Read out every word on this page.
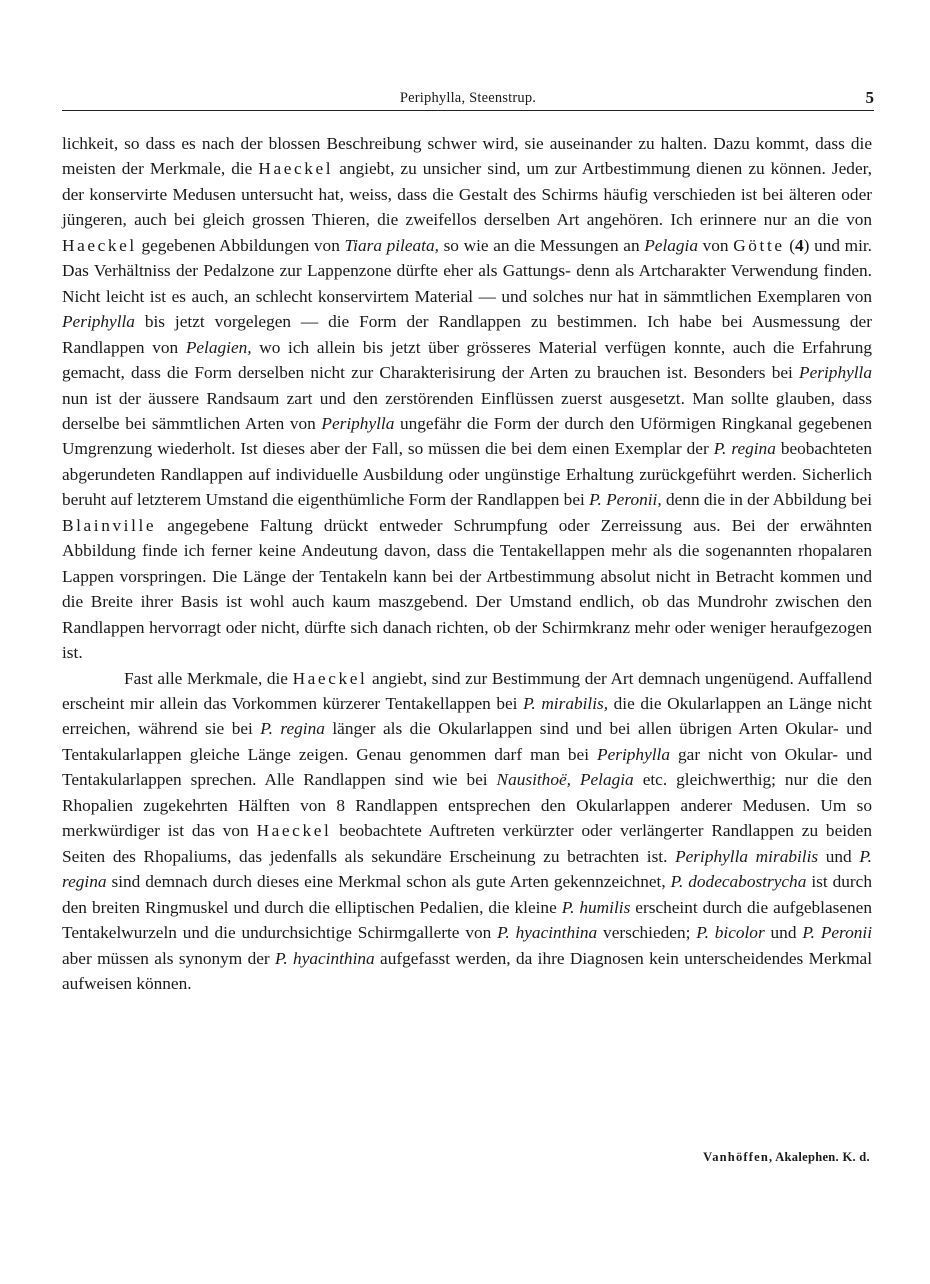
Periphylla, Steenstrup.	5

lichkeit, so dass es nach der blossen Beschreibung schwer wird, sie auseinander zu halten. Dazu kommt, dass die meisten der Merkmale, die Haeckel angiebt, zu unsicher sind, um zur Artbestimmung dienen zu können. Jeder, der konservirte Medusen untersucht hat, weiss, dass die Gestalt des Schirms häufig verschieden ist bei älteren oder jüngeren, auch bei gleich grossen Thieren, die zweifellos derselben Art angehören. Ich erinnere nur an die von Haeckel gegebenen Abbildungen von Tiara pileata, so wie an die Messungen an Pelagia von Götte (4) und mir. Das Verhältniss der Pedalzone zur Lappenzone dürfte eher als Gattungs- denn als Artcharakter Verwendung finden. Nicht leicht ist es auch, an schlecht konservirtem Material — und solches nur hat in sämmtlichen Exemplaren von Periphylla bis jetzt vorgelegen — die Form der Randlappen zu bestimmen. Ich habe bei Ausmessung der Randlappen von Pelagien, wo ich allein bis jetzt über grösseres Material verfügen konnte, auch die Erfahrung gemacht, dass die Form derselben nicht zur Charakterisirung der Arten zu brauchen ist. Besonders bei Periphylla nun ist der äussere Randsaum zart und den zerstörenden Einflüssen zuerst ausgesetzt. Man sollte glauben, dass derselbe bei sämmtlichen Arten von Periphylla ungefähr die Form der durch den Uförmigen Ringkanal gegebenen Umgrenzung wiederholt. Ist dieses aber der Fall, so müssen die bei dem einen Exemplar der P. regina beobachteten abgerundeten Randlappen auf individuelle Ausbildung oder ungünstige Erhaltung zurückgeführt werden. Sicherlich beruht auf letzterem Umstand die eigenthümliche Form der Randlappen bei P. Peronii, denn die in der Abbildung bei Blainville angegebene Faltung drückt entweder Schrumpfung oder Zerreissung aus. Bei der erwähnten Abbildung finde ich ferner keine Andeutung davon, dass die Tentakellappen mehr als die sogenannten rhopalaren Lappen vorspringen. Die Länge der Tentakeln kann bei der Artbestimmung absolut nicht in Betracht kommen und die Breite ihrer Basis ist wohl auch kaum maszgebend. Der Umstand endlich, ob das Mundrohr zwischen den Randlappen hervorragt oder nicht, dürfte sich danach richten, ob der Schirmkranz mehr oder weniger heraufgezogen ist.

Fast alle Merkmale, die Haeckel angiebt, sind zur Bestimmung der Art demnach ungenügend. Auffallend erscheint mir allein das Vorkommen kürzerer Tentakellappen bei P. mirabilis, die die Okularlappen an Länge nicht erreichen, während sie bei P. regina länger als die Okularlappen sind und bei allen übrigen Arten Okular- und Tentakularlappen gleiche Länge zeigen. Genau genommen darf man bei Periphylla gar nicht von Okular- und Tentakularlappen sprechen. Alle Randlappen sind wie bei Nausithoë, Pelagia etc. gleichwerthig; nur die den Rhopalien zugekehrten Hälften von 8 Randlappen entsprechen den Okularlappen anderer Medusen. Um so merkwürdiger ist das von Haeckel beobachtete Auftreten verkürzter oder verlängerter Randlappen zu beiden Seiten des Rhopaliums, das jedenfalls als sekundäre Erscheinung zu betrachten ist. Periphylla mirabilis und P. regina sind demnach durch dieses eine Merkmal schon als gute Arten gekennzeichnet, P. dodecabostrycha ist durch den breiten Ringmuskel und durch die elliptischen Pedalien, die kleine P. humilis erscheint durch die aufgeblasenen Tentakelwurzeln und die undurchsichtige Schirmgallerte von P. hyacinthina verschieden; P. bicolor und P. Peronii aber müssen als synonym der P. hyacinthina aufgefasst werden, da ihre Diagnosen kein unterscheidendes Merkmal aufweisen können.

Vanhöffen, Akalephen. K. d.
